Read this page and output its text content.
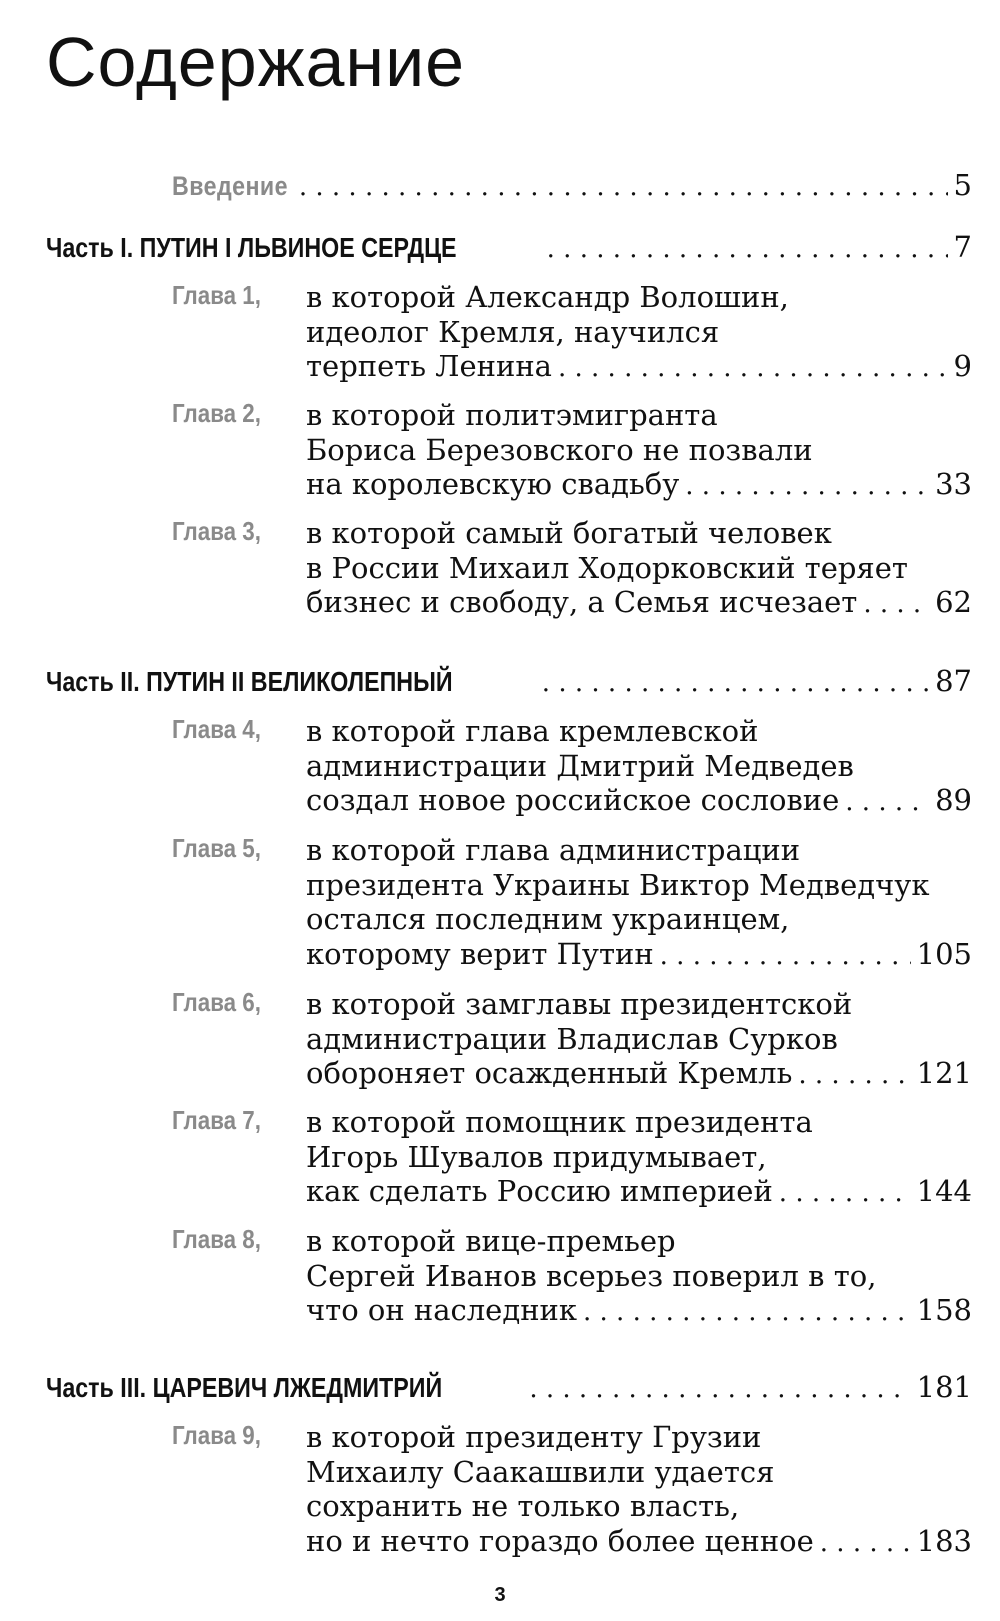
Содержание
Введение . . .	5
Часть I. ПУТИН I ЛЬВИНОЕ СЕРДЦЕ . . .	7
Глава 1, в которой Александр Волошин,
идеолог Кремля, научился
терпеть Ленина . . .	9
Глава 2, в которой политэмигранта
Бориса Березовского не позвали
на королевскую свадьбу . . .	33
Глава 3, в которой самый богатый человек
в России Михаил Ходорковский теряет
бизнес и свободу, а Семья исчезает . . .	62
Часть II. ПУТИН II ВЕЛИКОЛЕПНЫЙ . . .	87
Глава 4, в которой глава кремлевской
администрации Дмитрий Медведев
создал новое российское сословие . . .	89
Глава 5, в которой глава администрации
президента Украины Виктор Медведчук
остался последним украинцем,
которому верит Путин . . .	105
Глава 6, в которой замглавы президентской
администрации Владислав Сурков
обороняет осажденный Кремль . . .	121
Глава 7, в которой помощник президента
Игорь Шувалов придумывает,
как сделать Россию империей . . .	144
Глава 8, в которой вице-премьер
Сергей Иванов всерьез поверил в то,
что он наследник . . .	158
Часть III. ЦАРЕВИЧ ЛЖЕДМИТРИЙ . . .	181
Глава 9, в которой президенту Грузии
Михаилу Саакашвили удается
сохранить не только власть,
но и нечто гораздо более ценное . . .	183
3
